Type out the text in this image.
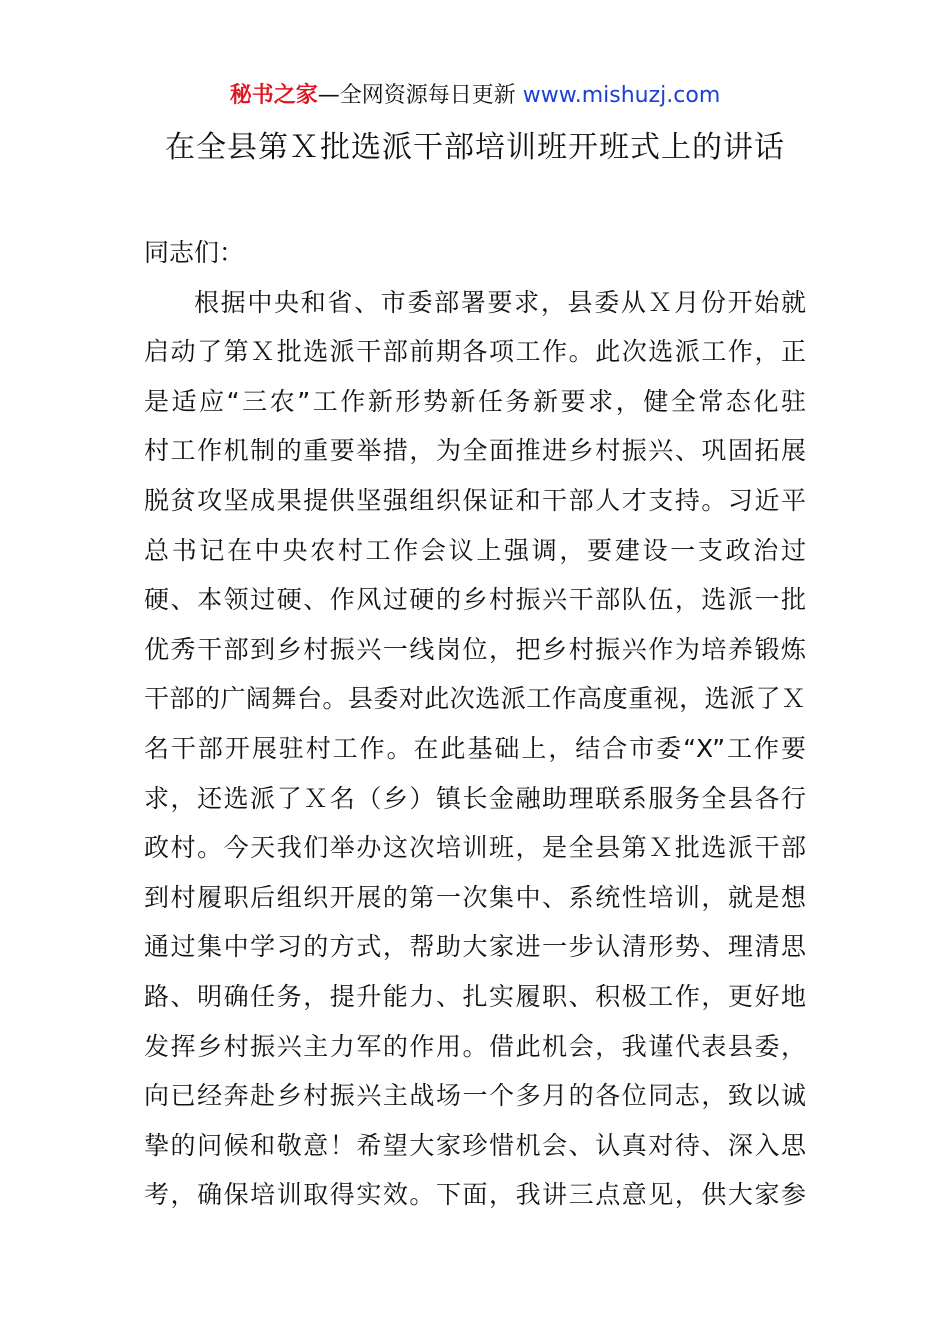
秘书之家—全网资源每日更新 www.mishuzj.com
在全县第Ｘ批选派干部培训班开班式上的讲话

同志们：

根据中央和省、市委部署要求，县委从Ｘ月份开始就
启动了第Ｘ批选派干部前期各项工作。此次选派工作，正
是适应“三农”工作新形势新任务新要求，健全常态化驻
村工作机制的重要举措，为全面推进乡村振兴、巩固拓展
脱贫攻坚成果提供坚强组织保证和干部人才支持。习近平
总书记在中央农村工作会议上强调，要建设一支政治过
硬、本领过硬、作风过硬的乡村振兴干部队伍，选派一批
优秀干部到乡村振兴一线岗位，把乡村振兴作为培养锻炼
干部的广阔舞台。县委对此次选派工作高度重视，选派了Ｘ
名干部开展驻村工作。在此基础上，结合市委“X”工作要
求，还选派了Ｘ名（乡）镇长金融助理联系服务全县各行
政村。今天我们举办这次培训班，是全县第Ｘ批选派干部
到村履职后组织开展的第一次集中、系统性培训，就是想
通过集中学习的方式，帮助大家进一步认清形势、理清思
路、明确任务，提升能力、扎实履职、积极工作，更好地
发挥乡村振兴主力军的作用。借此机会，我谨代表县委，
向已经奔赴乡村振兴主战场一个多月的各位同志，致以诚
挚的问候和敬意！希望大家珍惜机会、认真对待、深入思
考，确保培训取得实效。下面，我讲三点意见，供大家参
